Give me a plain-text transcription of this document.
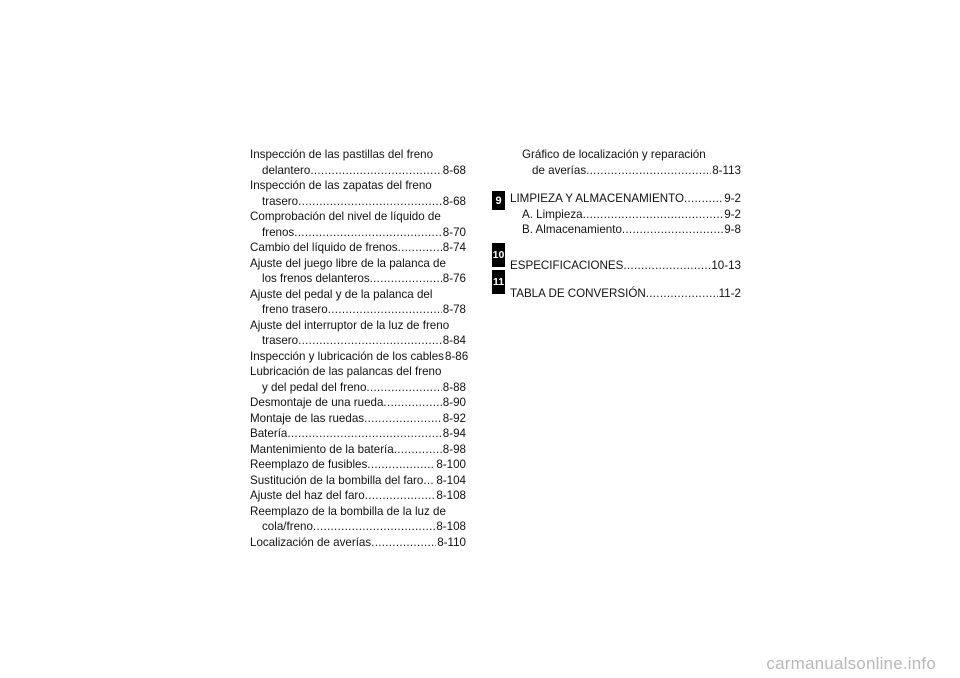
Inspección de las pastillas del freno
delantero .....	8-68
Inspección de las zapatas del freno
trasero .....	8-68
Comprobación del nivel de líquido de
frenos .....	8-70
Cambio del líquido de frenos .....	8-74
Ajuste del juego libre de la palanca de
los frenos delanteros .....	8-76
Ajuste del pedal y de la palanca del
freno trasero .....	8-78
Ajuste del interruptor de la luz de freno
trasero .....	8-84
Inspección y lubricación de los cables 8-86
Lubricación de las palancas del freno
y del pedal del freno .....	8-88
Desmontaje de una rueda .....	8-90
Montaje de las ruedas .....	8-92
Batería .....	8-94
Mantenimiento de la batería .....	8-98
Reemplazo de fusibles .....	8-100
Sustitución de la bombilla del faro ..... 8-104
Ajuste del haz del faro .....	8-108
Reemplazo de la bombilla de la luz de
cola/freno .....	8-108
Localización de averías .....	8-110
Gráfico de localización y reparación
de averías .....	8-113
LIMPIEZA Y ALMACENAMIENTO .....	9-2
A. Limpieza .....	9-2
B. Almacenamiento .....	9-8
ESPECIFICACIONES .....	10-13
TABLA DE CONVERSIÓN .....	11-2
9
10
11
carmanualsonline.info
